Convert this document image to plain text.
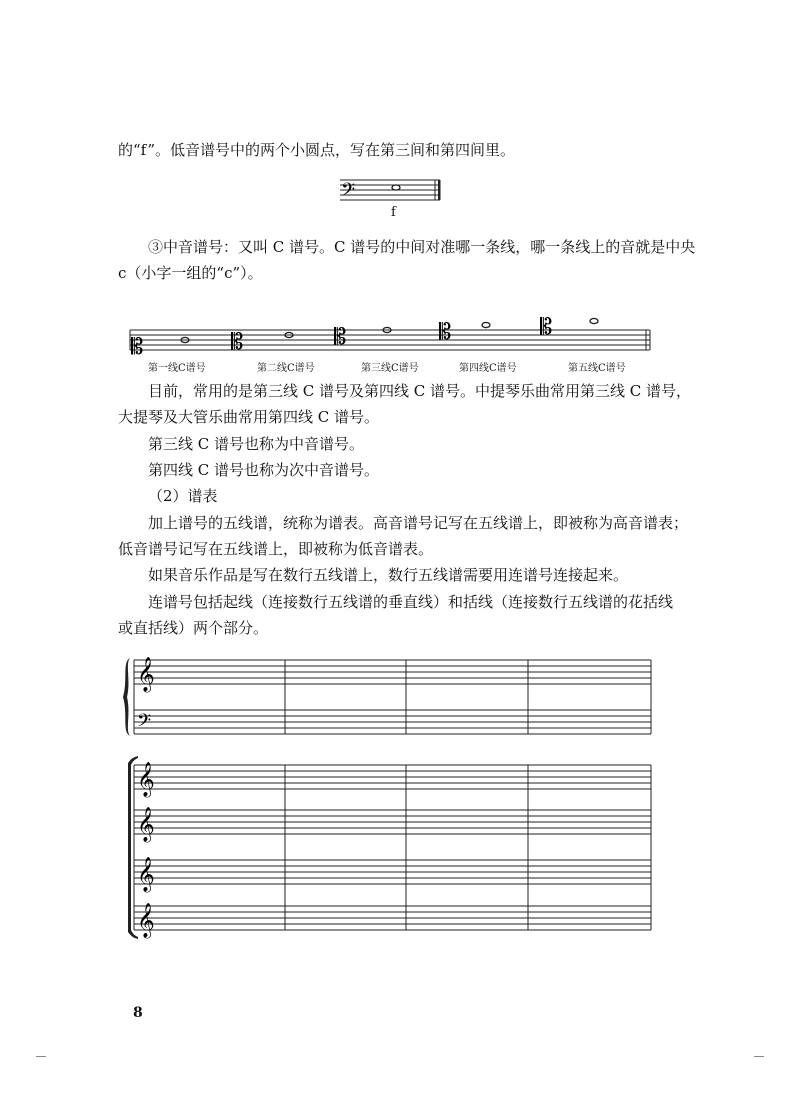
的“f”。低音谱号中的两个小圆点，写在第三间和第四间里。

𝄢
f

③中音谱号：又叫 C 谱号。C 谱号的中间对准哪一条线，哪一条线上的音就是中央

c（小字一组的“c”）。

𝄡	𝄡	𝄡	𝄡	𝄡
第一线C谱号	第二线C谱号	第三线C谱号	第四线C谱号	第五线C谱号

目前，常用的是第三线 C 谱号及第四线 C 谱号。中提琴乐曲常用第三线 C 谱号，

大提琴及大管乐曲常用第四线 C 谱号。

第三线 C 谱号也称为中音谱号。

第四线 C 谱号也称为次中音谱号。

（2）谱表

加上谱号的五线谱，统称为谱表。高音谱号记写在五线谱上，即被称为高音谱表；

低音谱号记写在五线谱上，即被称为低音谱表。

如果音乐作品是写在数行五线谱上，数行五线谱需要用连谱号连接起来。

连谱号包括起线（连接数行五线谱的垂直线）和括线（连接数行五线谱的花括线

或直括线）两个部分。

𝄞
𝄢
𝄞
𝄞
𝄞
𝄞
8
